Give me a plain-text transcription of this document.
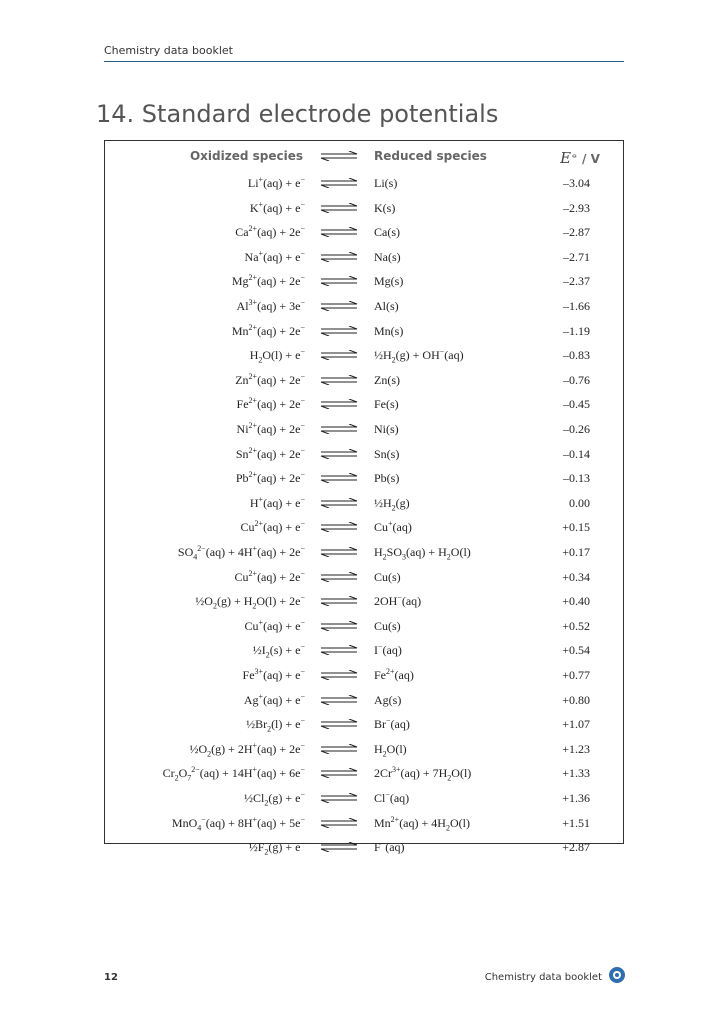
Chemistry data booklet
14. Standard electrode potentials
Oxidized species ⇌ Reduced species	E⦵ / V
Li+(aq) + e− ⇌ Li(s)	–3.04
K+(aq) + e− ⇌ K(s)	–2.93
$Ca^{2+}(aq) + 2e^-$ ⇌ Ca(s)	–2.87
Na+(aq) + e− ⇌ Na(s)	–2.71
$Mg^{2+}(aq) + 2e^-$ ⇌ Mg(s)	–2.37
$Al^{3+}(aq) + 3e^-$ ⇌ Al(s)	–1.66
$Mn^{2+}(aq) + 2e^-$ ⇌ Mn(s)	–1.19
$H_2O(l) + e^-$ ⇌ $\frac{1}{2}H_2(g) + OH^-(aq)$	–0.83
$Zn^{2+}(aq) + 2e^-$ ⇌ Zn(s)	–0.76
$Fe^{2+}(aq) + 2e^-$ ⇌ Fe(s)	–0.45
$Ni^{2+}(aq) + 2e^-$ ⇌ Ni(s)	–0.26
$Sn^{2+}(aq) + 2e^-$ ⇌ Sn(s)	–0.14
$Pb^{2+}(aq) + 2e^-$ ⇌ Pb(s)	–0.13
H+(aq) + e− ⇌ $\frac{1}{2}H_2(g)$	0.00
$Cu^{2+}(aq) + e^-$ ⇌ Cu+(aq)	+0.15
$SO_4^{2-}(aq) + 4H^+(aq) + 2e^-$ ⇌ $H_2SO_3(aq) + H_2O(l)$	+0.17
$Cu^{2+}(aq) + 2e^-$ ⇌ Cu(s)	+0.34
$\frac{1}{2}O_2(g) + H_2O(l) + 2e^-$ ⇌ 2OH−(aq)	+0.40
Cu+(aq) + e− ⇌ Cu(s)	+0.52
$\frac{1}{2}I_2(s) + e^-$ ⇌ I−(aq)	+0.54
$Fe^{3+}(aq) + e^-$ ⇌ $Fe^{2+}(aq)$	+0.77
Ag+(aq) + e− ⇌ Ag(s)	+0.80
$\frac{1}{2}Br_2(l) + e^-$ ⇌ Br−(aq)	+1.07
$\frac{1}{2}O_2(g) + 2H^+(aq) + 2e^-$ ⇌ $H_2O(l)$	+1.23
$Cr_2O_7^{2-}(aq) + 14H^+(aq) + 6e^-$ ⇌ $2Cr^{3+}(aq) + 7H_2O(l)$	+1.33
$\frac{1}{2}Cl_2(g) + e^-$ ⇌ Cl−(aq)	+1.36
MnO$_4$−(aq) + 8H+(aq) + 5e− ⇌ $Mn^{2+}(aq) + 4H_2O(l)$	+1.51
$\frac{1}{2}F_2(g) + e^-$ ⇌ F−(aq)	+2.87
12	Chemistry data booklet
